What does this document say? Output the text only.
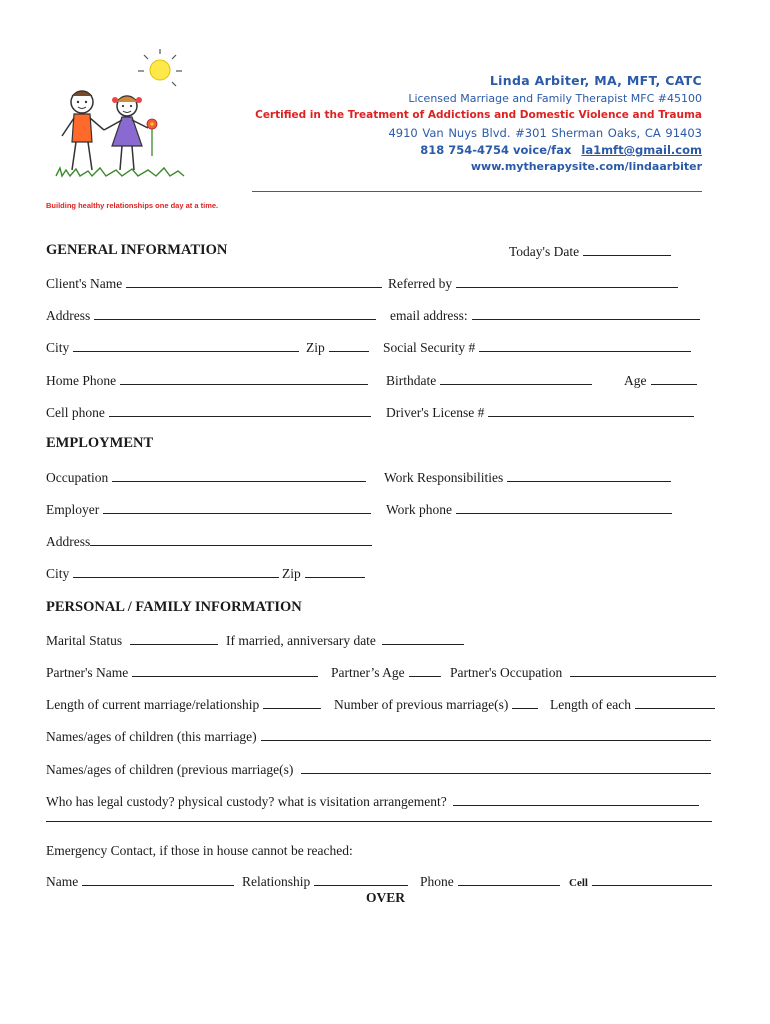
Building healthy relationships one day at a time.
Linda Arbiter, MA, MFT, CATC
Licensed Marriage and Family Therapist MFC #45100
Certified in the Treatment of Addictions and Domestic Violence and Trauma
4910 Van Nuys Blvd. #301 Sherman Oaks, CA 91403
818 754-4754 voice/fax la1mft@gmail.com
www.mytherapysite.com/lindaarbiter
GENERAL INFORMATION	Today's Date
Client's Name	Referred by
Address	email address:
City	Zip	Social Security #
Home Phone	Birthdate	Age
Cell phone	Driver's License #
EMPLOYMENT
Occupation	Work Responsibilities
Employer	Work phone
Address
City	Zip
PERSONAL / FAMILY INFORMATION
Marital Status	If married, anniversary date
Partner's Name	Partner’s Age	Partner's Occupation
Length of current marriage/relationship	Number of previous marriage(s)	Length of each
Names/ages of children (this marriage)
Names/ages of children (previous marriage(s)
Who has legal custody? physical custody? what is visitation arrangement?
Emergency Contact, if those in house cannot be reached:
Name	Relationship	Phone	Cell
OVER
